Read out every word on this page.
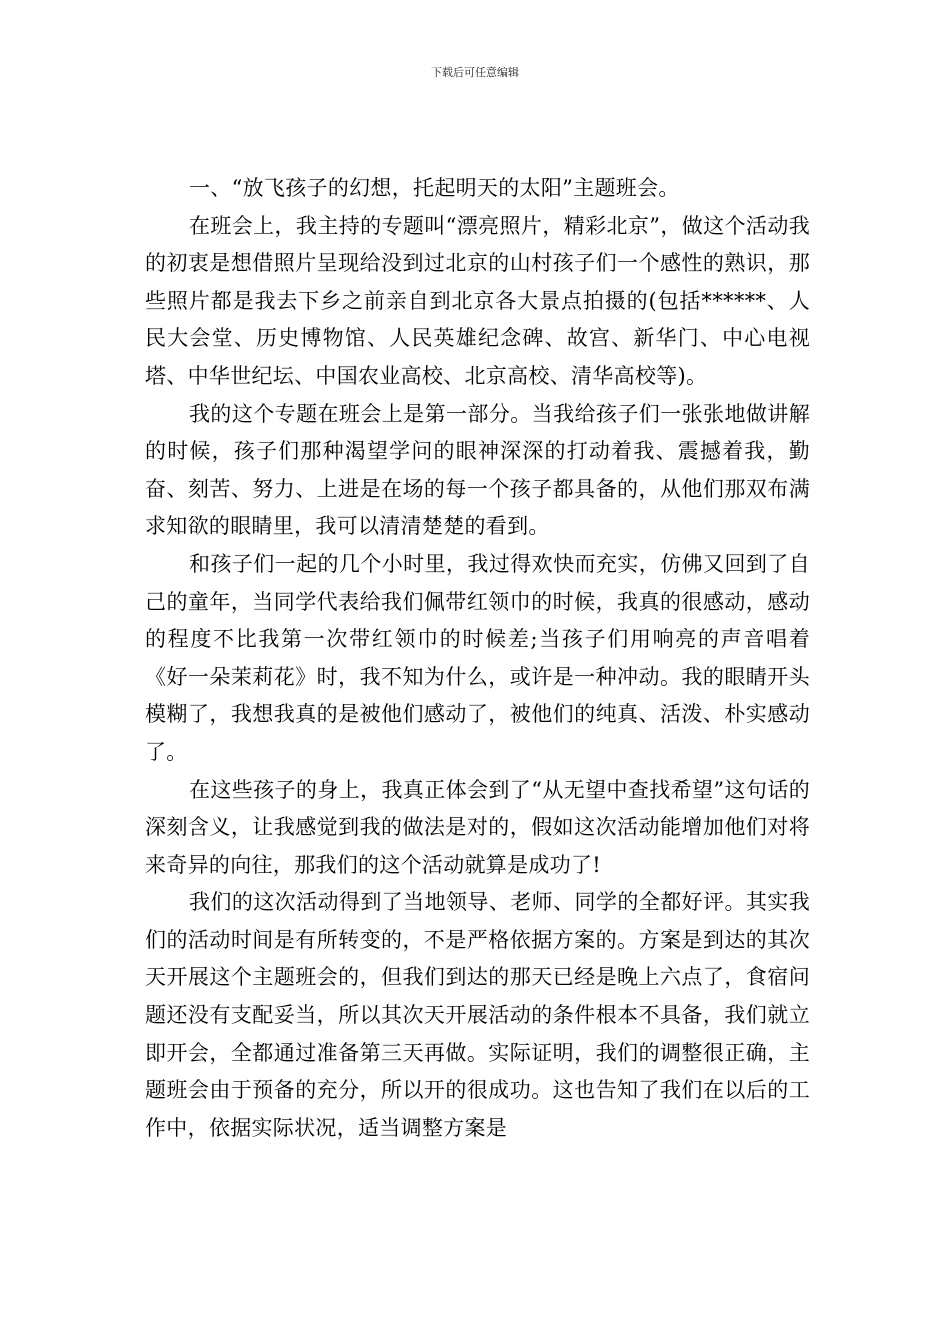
下载后可任意编辑

一、“放飞孩子的幻想，托起明天的太阳”主题班会。

在班会上，我主持的专题叫“漂亮照片，精彩北京”，做这个活动我的初衷是想借照片呈现给没到过北京的山村孩子们一个感性的熟识，那些照片都是我去下乡之前亲自到北京各大景点拍摄的(包括******、人民大会堂、历史博物馆、人民英雄纪念碑、故宫、新华门、中心电视塔、中华世纪坛、中国农业高校、北京高校、清华高校等)。

我的这个专题在班会上是第一部分。当我给孩子们一张张地做讲解的时候，孩子们那种渴望学问的眼神深深的打动着我、震撼着我，勤奋、刻苦、努力、上进是在场的每一个孩子都具备的，从他们那双布满求知欲的眼睛里，我可以清清楚楚的看到。

和孩子们一起的几个小时里，我过得欢快而充实，仿佛又回到了自己的童年，当同学代表给我们佩带红领巾的时候，我真的很感动，感动的程度不比我第一次带红领巾的时候差;当孩子们用响亮的声音唱着《好一朵茉莉花》时，我不知为什么，或许是一种冲动。我的眼睛开头模糊了，我想我真的是被他们感动了，被他们的纯真、活泼、朴实感动了。

在这些孩子的身上，我真正体会到了“从无望中查找希望”这句话的深刻含义，让我感觉到我的做法是对的，假如这次活动能增加他们对将来奇异的向往，那我们的这个活动就算是成功了!

我们的这次活动得到了当地领导、老师、同学的全都好评。其实我们的活动时间是有所转变的，不是严格依据方案的。方案是到达的其次天开展这个主题班会的，但我们到达的那天已经是晚上六点了，食宿问题还没有支配妥当，所以其次天开展活动的条件根本不具备，我们就立即开会，全都通过准备第三天再做。实际证明，我们的调整很正确，主题班会由于预备的充分，所以开的很成功。这也告知了我们在以后的工作中，依据实际状况，适当调整方案是
